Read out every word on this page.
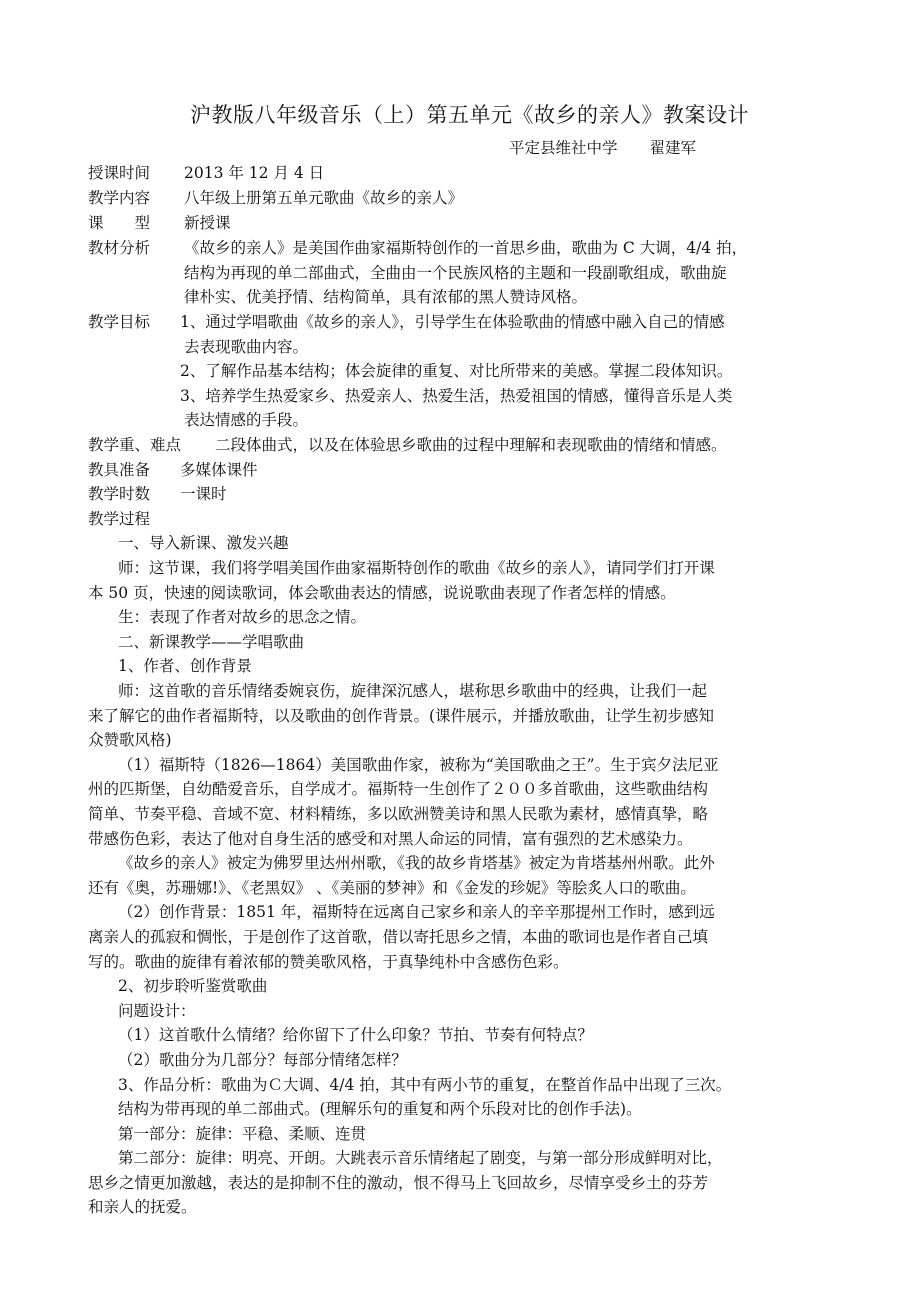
沪教版八年级音乐（上）第五单元《故乡的亲人》教案设计
平定县维社中学 翟建军
授课时间 2013 年 12 月 4 日
教学内容 八年级上册第五单元歌曲《故乡的亲人》
课　　型 新授课
教材分析 《故乡的亲人》是美国作曲家福斯特创作的一首思乡曲，歌曲为 C 大调，4/4 拍，
结构为再现的单二部曲式，全曲由一个民族风格的主题和一段副歌组成，歌曲旋
律朴实、优美抒情、结构简单，具有浓郁的黑人赞诗风格。
教学目标 1、通过学唱歌曲《故乡的亲人》，引导学生在体验歌曲的情感中融入自己的情感
去表现歌曲内容。
2、了解作品基本结构；体会旋律的重复、对比所带来的美感。掌握二段体知识。
3、培养学生热爱家乡、热爱亲人、热爱生活，热爱祖国的情感，懂得音乐是人类
表达情感的手段。
教学重、难点 二段体曲式，以及在体验思乡歌曲的过程中理解和表现歌曲的情绪和情感。
教具准备 多媒体课件
教学时数 一课时
教学过程
一、导入新课、激发兴趣
师：这节课，我们将学唱美国作曲家福斯特创作的歌曲《故乡的亲人》，请同学们打开课
本 50 页，快速的阅读歌词，体会歌曲表达的情感，说说歌曲表现了作者怎样的情感。
生：表现了作者对故乡的思念之情。
二、新课教学——学唱歌曲
1、作者、创作背景
师：这首歌的音乐情绪委婉哀伤，旋律深沉感人，堪称思乡歌曲中的经典，让我们一起
来了解它的曲作者福斯特，以及歌曲的创作背景。(课件展示，并播放歌曲，让学生初步感知
众赞歌风格)
（1）福斯特（1826—1864）美国歌曲作家，被称为“美国歌曲之王”。生于宾夕法尼亚
州的匹斯堡，自幼酷爱音乐，自学成才。福斯特一生创作了２００多首歌曲，这些歌曲结构
简单、节奏平稳、音域不宽、材料精练，多以欧洲赞美诗和黑人民歌为素材，感情真挚，略
带感伤色彩，表达了他对自身生活的感受和对黑人命运的同情，富有强烈的艺术感染力。
《故乡的亲人》被定为佛罗里达州州歌，《我的故乡肯塔基》被定为肯塔基州州歌。此外
还有《奥，苏珊娜!》、《老黑奴》 、《美丽的梦神》和《金发的珍妮》等脍炙人口的歌曲。
（2）创作背景：1851 年，福斯特在远离自己家乡和亲人的辛辛那提州工作时，感到远
离亲人的孤寂和惆怅，于是创作了这首歌，借以寄托思乡之情，本曲的歌词也是作者自己填
写的。歌曲的旋律有着浓郁的赞美歌风格，于真挚纯朴中含感伤色彩。
2、初步聆听鉴赏歌曲
问题设计：
（1）这首歌什么情绪？给你留下了什么印象？节拍、节奏有何特点？
（2）歌曲分为几部分？每部分情绪怎样？
3、作品分析：歌曲为Ｃ大调、4/4 拍，其中有两小节的重复，在整首作品中出现了三次。
结构为带再现的单二部曲式。(理解乐句的重复和两个乐段对比的创作手法)。
第一部分：旋律：平稳、柔顺、连贯
第二部分：旋律：明亮、开朗。大跳表示音乐情绪起了剧变，与第一部分形成鲜明对比，
思乡之情更加激越，表达的是抑制不住的激动，恨不得马上飞回故乡，尽情享受乡土的芬芳
和亲人的抚爱。
